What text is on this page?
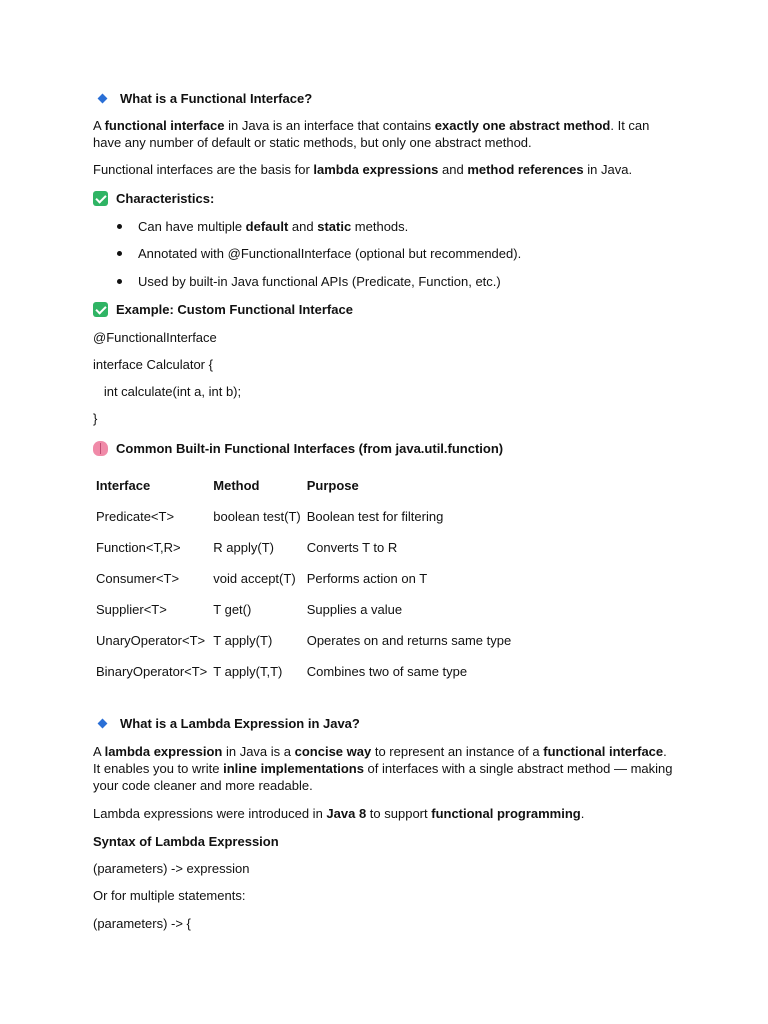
What is a Functional Interface?

A functional interface in Java is an interface that contains exactly one abstract method. It can have any number of default or static methods, but only one abstract method.

Functional interfaces are the basis for lambda expressions and method references in Java.

Characteristics:
Can have multiple default and static methods.
Annotated with @FunctionalInterface (optional but recommended).
Used by built-in Java functional APIs (Predicate, Function, etc.)
Example: Custom Functional Interface
@FunctionalInterface
interface Calculator {
int calculate(int a, int b);
}
Common Built-in Functional Interfaces (from java.util.function)
Interface	Method	Purpose
Predicate<T>	boolean test(T)	Boolean test for filtering
Function<T,R>	R apply(T)	Converts T to R
Consumer<T>	void accept(T)	Performs action on T
Supplier<T>	T get()	Supplies a value
UnaryOperator<T>	T apply(T)	Operates on and returns same type
BinaryOperator<T>	T apply(T,T)	Combines two of same type
What is a Lambda Expression in Java?

A lambda expression in Java is a concise way to represent an instance of a functional interface. It enables you to write inline implementations of interfaces with a single abstract method — making your code cleaner and more readable.

Lambda expressions were introduced in Java 8 to support functional programming.

Syntax of Lambda Expression
(parameters) -> expression
Or for multiple statements:
(parameters) -> {
